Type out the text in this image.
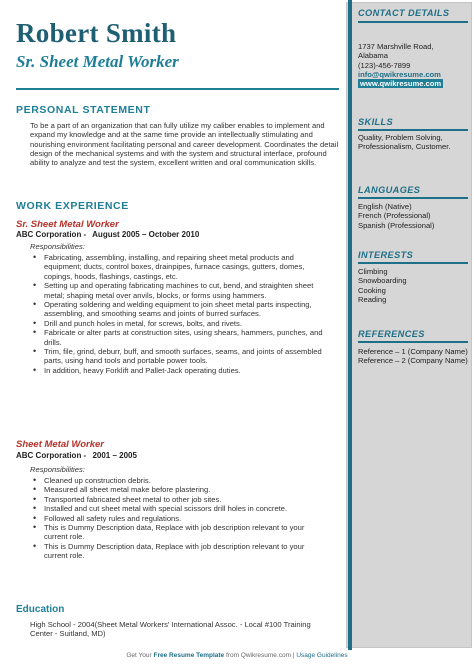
Robert Smith
Sr. Sheet Metal Worker
PERSONAL STATEMENT
To be a part of an organization that can fully utilize my caliber enables to implement and expand my knowledge and at the same time provide an intellectually stimulating and nourishing environment facilitating personal and career development. Coordinates the detail design of the mechanical systems and with the system and structural interface, profound ability to analyze and test the system, excellent written and oral communication skills.
WORK EXPERIENCE
Sr. Sheet Metal Worker
ABC Corporation - August 2005 – October 2010
Responsibilities:
• Fabricating, assembling, installing, and repairing sheet metal products and equipment; ducts, control boxes, drainpipes, furnace casings, gutters, domes, copings, hoods, flashings, castings, etc.
• Setting up and operating fabricating machines to cut, bend, and straighten sheet metal; shaping metal over anvils, blocks, or forms using hammers.
• Operating soldering and welding equipment to join sheet metal parts inspecting, assembling, and smoothing seams and joints of burred surfaces.
• Drill and punch holes in metal, for screws, bolts, and rivets.
• Fabricate or alter parts at construction sites, using shears, hammers, punches, and drills.
• Trim, file, grind, deburr, buff, and smooth surfaces, seams, and joints of assembled parts, using hand tools and portable power tools.
• In addition, heavy Forklift and Pallet-Jack operating duties.
Sheet Metal Worker
ABC Corporation - 2001 – 2005
Responsibilities:
• Cleaned up construction debris.
• Measured all sheet metal make before plastering.
• Transported fabricated sheet metal to other job sites.
• Installed and cut sheet metal with special scissors drill holes in concrete.
• Followed all safety rules and regulations.
• This is Dummy Description data, Replace with job description relevant to your current role.
• This is Dummy Description data, Replace with job description relevant to your current role.
Education
High School - 2004(Sheet Metal Workers' International Assoc. - Local #100 Training Center - Suitland, MD)
Get Your Free Resume Template from Qwikresume.com | Usage Guidelines
CONTACT DETAILS
1737 Marshville Road,
Alabama
(123)-456-7899
info@qwikresume.com
www.qwikresume.com
SKILLS
Quality, Problem Solving, Professionalism, Customer.
LANGUAGES
English (Native)
French (Professional)
Spanish (Professional)
INTERESTS
Climbing
Snowboarding
Cooking
Reading
REFERENCES
Reference – 1 (Company Name)
Reference – 2 (Company Name)
